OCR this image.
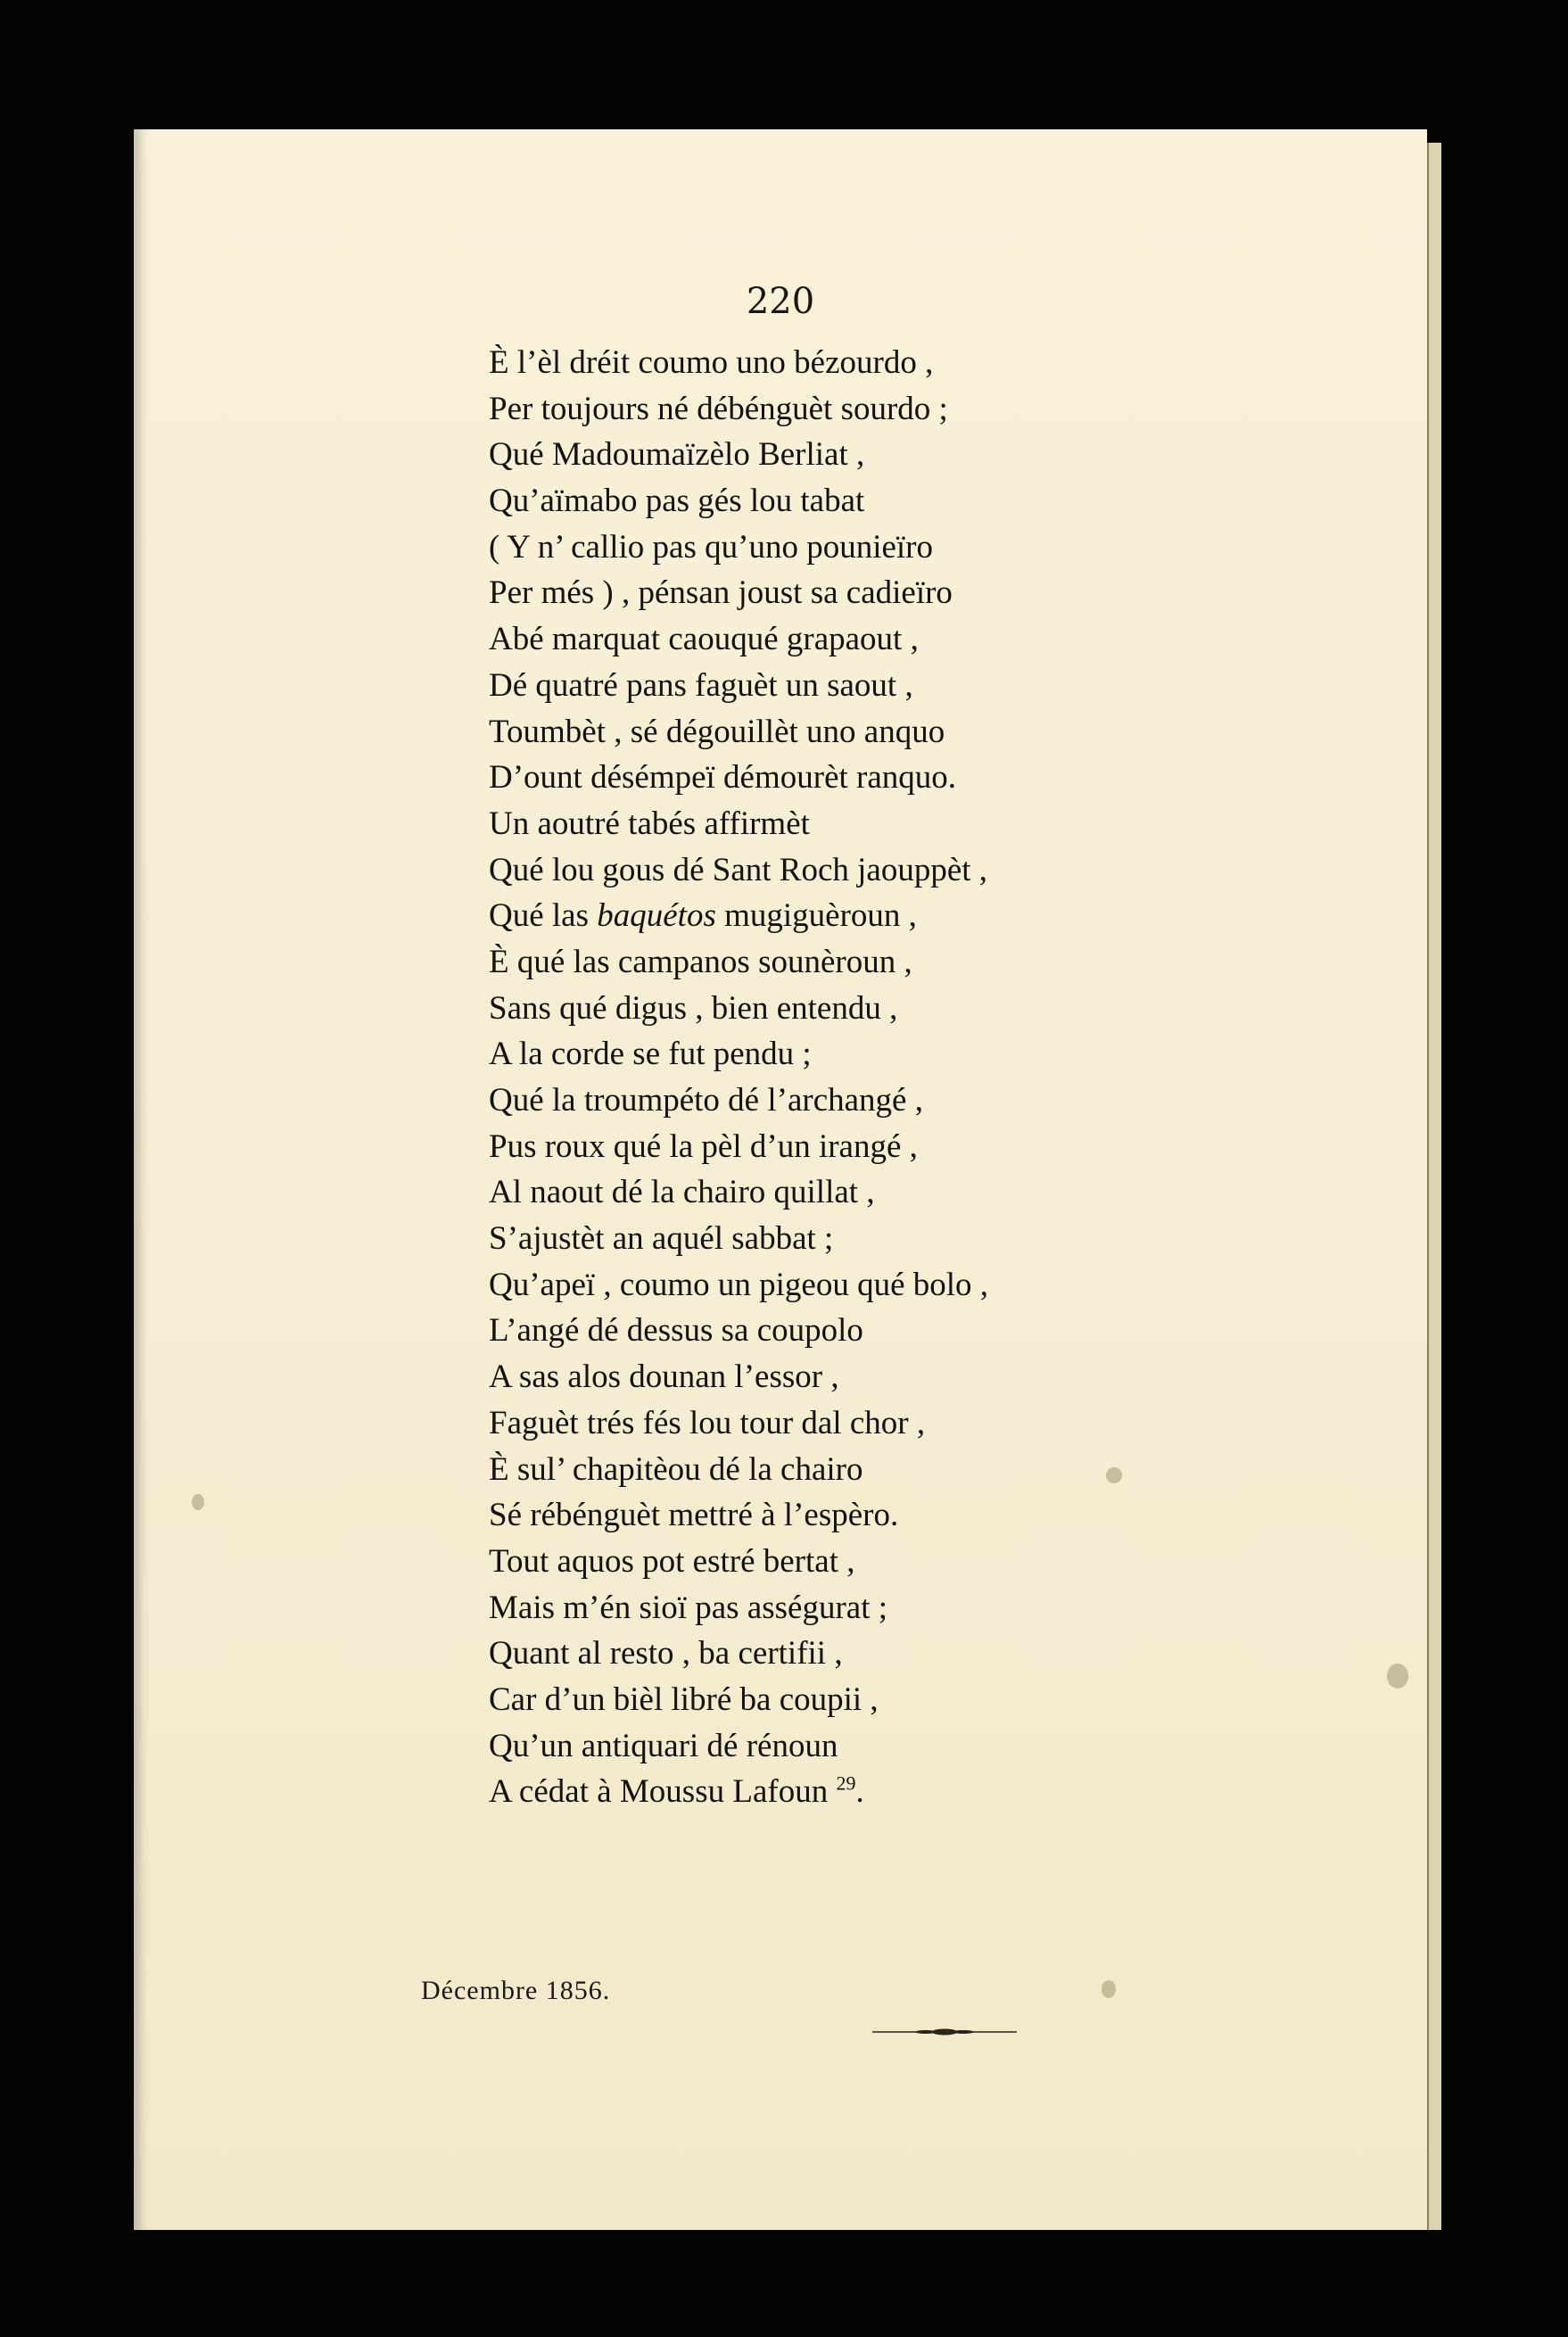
220
È l’èl dréit coumo uno bézourdo ,
Per toujours né débénguèt sourdo ;
Qué Madoumaïzèlo Berliat ,
Qu’aïmabo pas gés lou tabat
( Y n’ callio pas qu’uno pounieïro
Per més ) , pénsan joust sa cadieïro
Abé marquat caouqué grapaout ,
Dé quatré pans faguèt un saout ,
Toumbèt , sé dégouillèt uno anquo
D’ount désémpeï démourèt ranquo.
Un aoutré tabés affirmèt
Qué lou gous dé Sant Roch jaouppèt ,
Qué las baquétos mugiguèroun ,
È qué las campanos sounèroun ,
Sans qué digus , bien entendu ,
A la corde se fut pendu ;
Qué la troumpéto dé l’archangé ,
Pus roux qué la pèl d’un irangé ,
Al naout dé la chairo quillat ,
S’ajustèt an aquél sabbat ;
Qu’apeï , coumo un pigeou qué bolo ,
L’angé dé dessus sa coupolo
A sas alos dounan l’essor ,
Faguèt trés fés lou tour dal chor ,
È sul’ chapitèou dé la chairo
Sé rébénguèt mettré à l’espèro.
Tout aquos pot estré bertat ,
Mais m’én sioï pas asségurat ;
Quant al resto , ba certifii ,
Car d’un bièl libré ba coupii ,
Qu’un antiquari dé rénoun
A cédat à Moussu Lafoun $^{29}$.
Décembre 1856.
